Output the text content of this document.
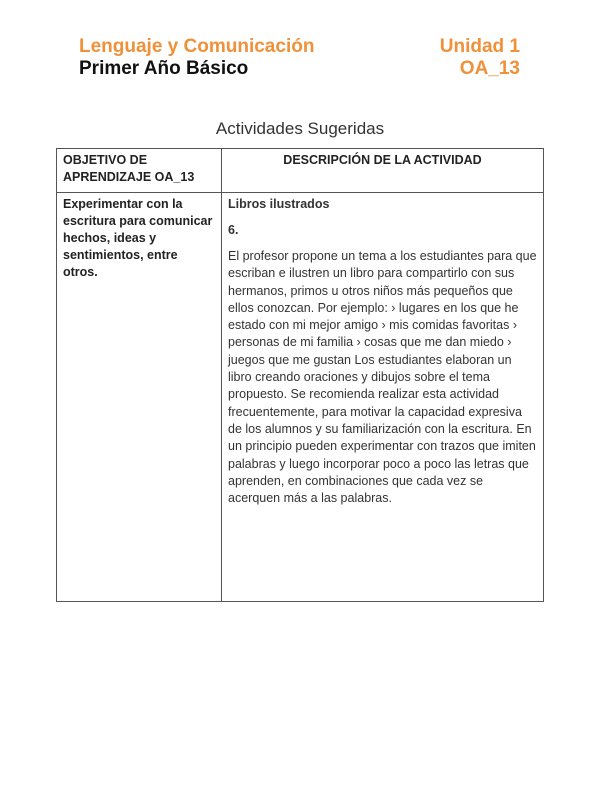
Lenguaje y Comunicación
Primer Año Básico
Unidad 1
OA_13
Actividades Sugeridas
OBJETIVO DE APRENDIZAJE OA_13	DESCRIPCIÓN DE LA ACTIVIDAD
Experimentar con la escritura para comunicar hechos, ideas y sentimientos, entre otros.	Libros ilustrados
6.
El profesor propone un tema a los estudiantes para que escriban e ilustren un libro para compartirlo con sus hermanos, primos u otros niños más pequeños que ellos conozcan. Por ejemplo: › lugares en los que he estado con mi mejor amigo › mis comidas favoritas › personas de mi familia › cosas que me dan miedo › juegos que me gustan Los estudiantes elaboran un libro creando oraciones y dibujos sobre el tema propuesto. Se recomienda realizar esta actividad frecuentemente, para motivar la capacidad expresiva de los alumnos y su familiarización con la escritura. En un principio pueden experimentar con trazos que imiten palabras y luego incorporar poco a poco las letras que aprenden, en combinaciones que cada vez se acerquen más a las palabras.
